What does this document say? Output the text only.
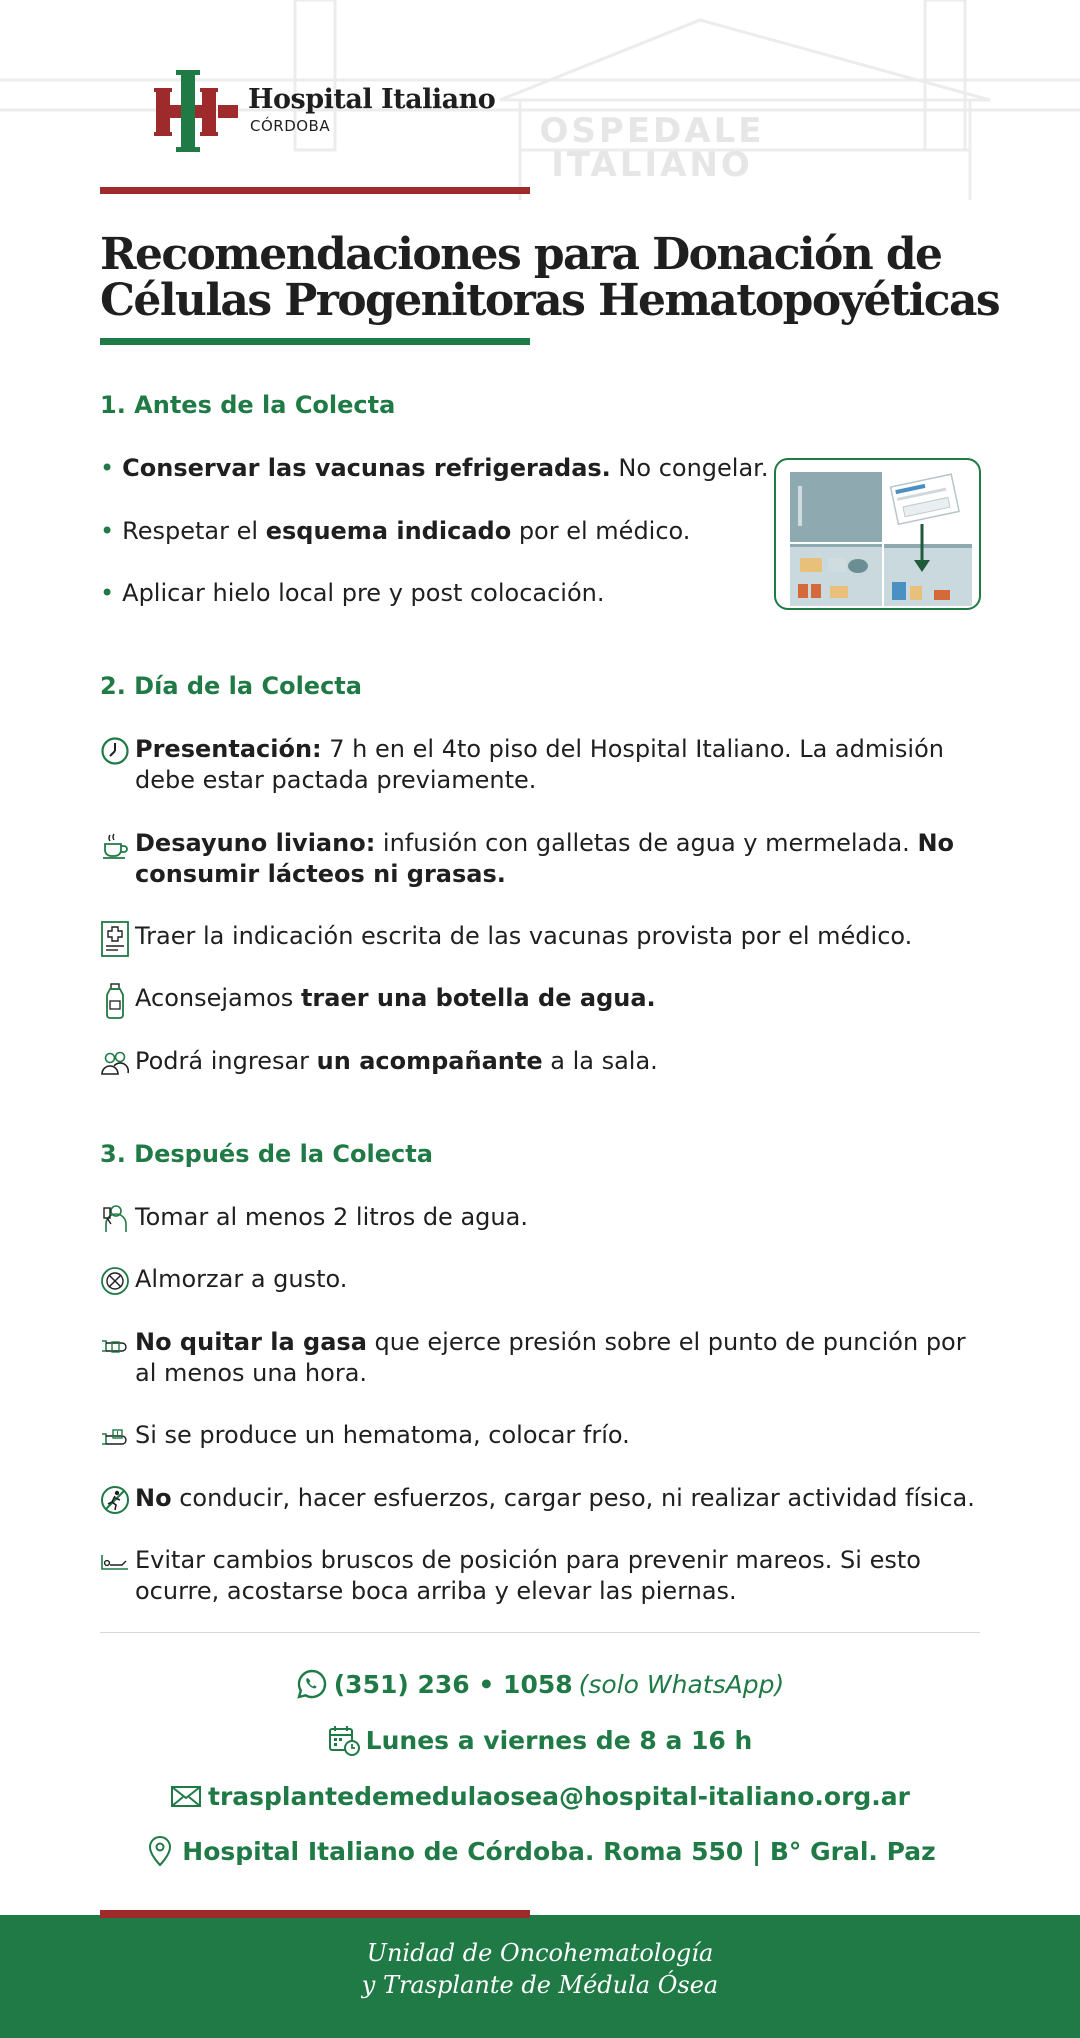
OSPEDALE
ITALIANO
Hospital Italiano
CÓRDOBA
Recomendaciones para Donación de
Células Progenitoras Hematopoyéticas
1. Antes de la Colecta
• Conservar las vacunas refrigeradas. No congelar.
• Respetar el esquema indicado por el médico.
• Aplicar hielo local pre y post colocación.
2. Día de la Colecta
Presentación: 7 h en el 4to piso del Hospital Italiano. La admisión debe estar pactada previamente.
Desayuno liviano: infusión con galletas de agua y mermelada. No consumir lácteos ni grasas.
Traer la indicación escrita de las vacunas provista por el médico.
Aconsejamos traer una botella de agua.
Podrá ingresar un acompañante a la sala.
3. Después de la Colecta
Tomar al menos 2 litros de agua.
Almorzar a gusto.
No quitar la gasa que ejerce presión sobre el punto de punción por al menos una hora.
Si se produce un hematoma, colocar frío.
No conducir, hacer esfuerzos, cargar peso, ni realizar actividad física.
Evitar cambios bruscos de posición para prevenir mareos. Si esto ocurre, acostarse boca arriba y elevar las piernas.
(351) 236 • 1058 (solo WhatsApp)
Lunes a viernes de 8 a 16 h
trasplantedemedulaosea@hospital-italiano.org.ar
Hospital Italiano de Córdoba. Roma 550 | B° Gral. Paz
Unidad de Oncohematología
y Trasplante de Médula Ósea
